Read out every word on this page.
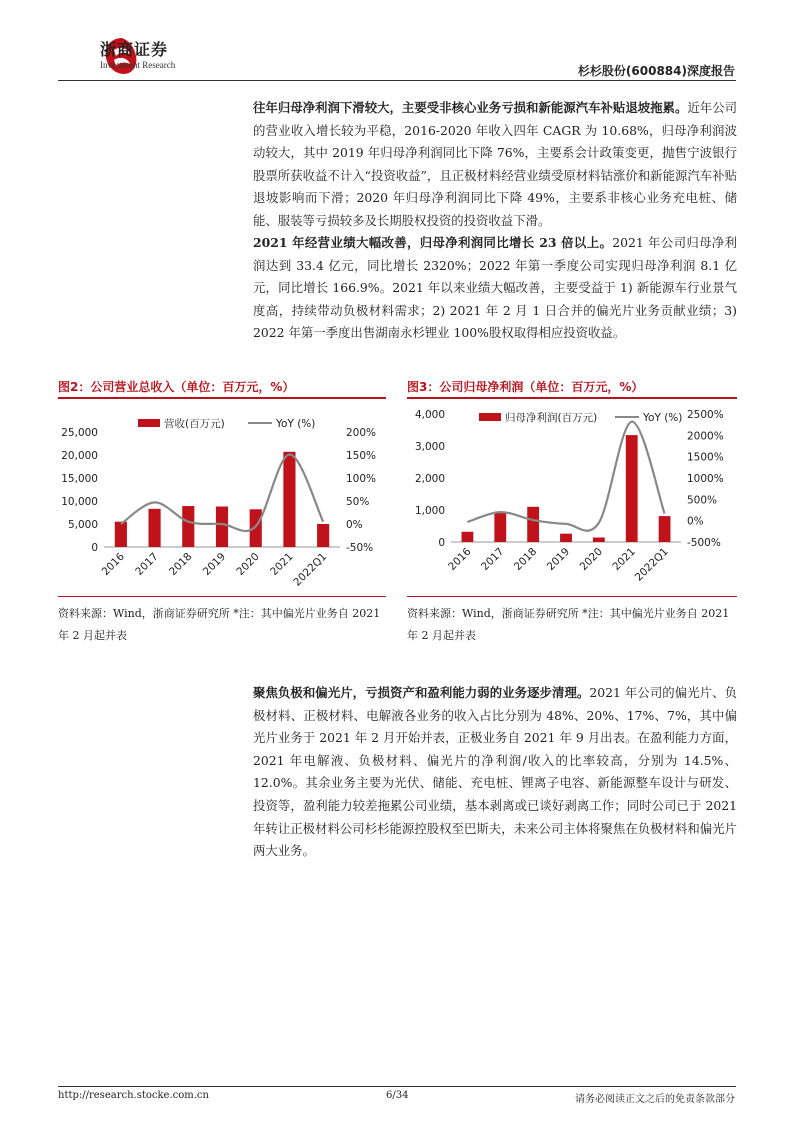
浙商证券
Investment Research	杉杉股份(600884)深度报告
往年归母净利润下滑较大，主要受非核心业务亏损和新能源汽车补贴退坡拖累。近年公司的营业收入增长较为平稳，2016-2020 年收入四年 CAGR 为 10.68%，归母净利润波动较大，其中 2019 年归母净利润同比下降 76%，主要系会计政策变更，抛售宁波银行股票所获收益不计入“投资收益”，且正极材料经营业绩受原材料钴涨价和新能源汽车补贴退坡影响而下滑；2020 年归母净利润同比下降 49%，主要系非核心业务充电桩、储能、服装等亏损较多及长期股权投资的投资收益下滑。
2021 年经营业绩大幅改善，归母净利润同比增长 23 倍以上。2021 年公司归母净利润达到 33.4 亿元，同比增长 2320%；2022 年第一季度公司实现归母净利润 8.1 亿元，同比增长 166.9%。2021 年以来业绩大幅改善，主要受益于 1) 新能源车行业景气度高，持续带动负极材料需求；2) 2021 年 2 月 1 日合并的偏光片业务贡献业绩；3) 2022 年第一季度出售湖南永杉锂业 100%股权取得相应投资收益。
图2：公司营业总收入（单位：百万元，%）
0
5,000
10,000
15,000
20,000
25,000
-50%
0%
50%
100%
150%
200%
2016 2017 2018 2019 2020 2021
2022Q1
营收(百万元)	YoY (%)
资料来源：Wind，浙商证券研究所 *注：其中偏光片业务自 2021 年 2 月起并表
图3：公司归母净利润（单位：百万元，%）
0
1,000
2,000
3,000
4,000
-500%
0%
500%
1000%
1500%
2000%
2500%
2016 2017 2018 2019 2020 2021
2022Q1
归母净利润(百万元)	YoY (%)
资料来源：Wind，浙商证券研究所 *注：其中偏光片业务自 2021 年 2 月起并表
聚焦负极和偏光片，亏损资产和盈利能力弱的业务逐步清理。2021 年公司的偏光片、负极材料、正极材料、电解液各业务的收入占比分别为 48%、20%、17%、7%，其中偏光片业务于 2021 年 2 月开始并表，正极业务自 2021 年 9 月出表。在盈利能力方面，2021 年电解液、负极材料、偏光片的净利润/收入的比率较高，分别为 14.5%、12.0%。其余业务主要为光伏、储能、充电桩、锂离子电容、新能源整车设计与研发、投资等，盈利能力较差拖累公司业绩，基本剥离或已谈好剥离工作；同时公司已于 2021 年转让正极材料公司杉杉能源控股权至巴斯夫，未来公司主体将聚焦在负极材料和偏光片两大业务。
http://research.stocke.com.cn	6/34	请务必阅读正文之后的免责条款部分
